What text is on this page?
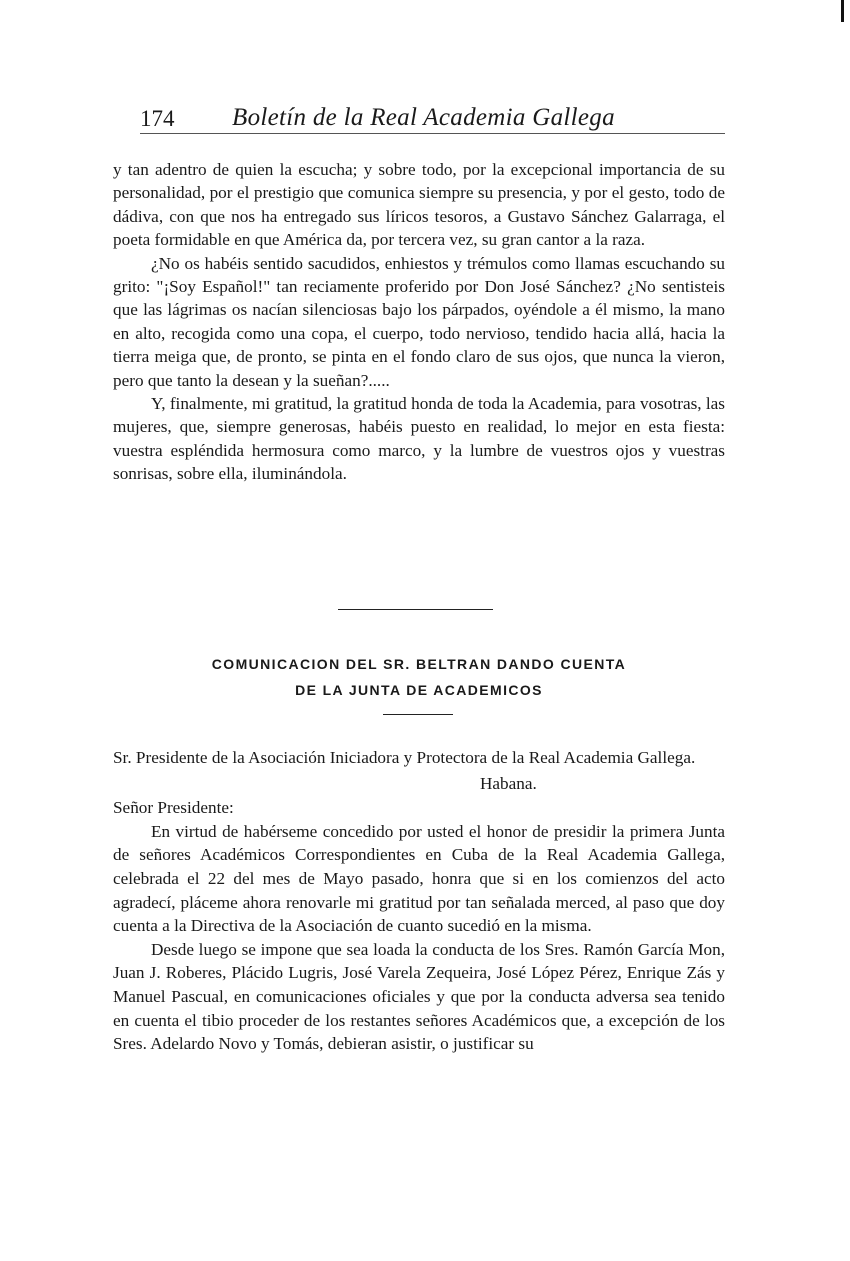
174 Boletín de la Real Academia Gallega

y tan adentro de quien la escucha; y sobre todo, por la excepcional importancia de su personalidad, por el prestigio que comunica siempre su presencia, y por el gesto, todo de dádiva, con que nos ha entregado sus líricos tesoros, a Gustavo Sánchez Galarraga, el poeta formidable en que América da, por tercera vez, su gran cantor a la raza.

¿No os habéis sentido sacudidos, enhiestos y trémulos como llamas escuchando su grito: "¡Soy Español!" tan reciamente proferido por Don José Sánchez? ¿No sentisteis que las lágrimas os nacían silenciosas bajo los párpados, oyéndole a él mismo, la mano en alto, recogida como una copa, el cuerpo, todo nervioso, tendido hacia allá, hacia la tierra meiga que, de pronto, se pinta en el fondo claro de sus ojos, que nunca la vieron, pero que tanto la desean y la sueñan?.....

Y, finalmente, mi gratitud, la gratitud honda de toda la Academia, para vosotras, las mujeres, que, siempre generosas, habéis puesto en realidad, lo mejor en esta fiesta: vuestra espléndida hermosura como marco, y la lumbre de vuestros ojos y vuestras sonrisas, sobre ella, iluminándola.

COMUNICACION DEL SR. BELTRAN DANDO CUENTA
DE LA JUNTA DE ACADEMICOS

Sr. Presidente de la Asociación Iniciadora y Protectora de la Real Academia Gallega.

Habana.

Señor Presidente:

En virtud de habérseme concedido por usted el honor de presidir la primera Junta de señores Académicos Correspondientes en Cuba de la Real Academia Gallega, celebrada el 22 del mes de Mayo pasado, honra que si en los comienzos del acto agradecí, pláceme ahora renovarle mi gratitud por tan señalada merced, al paso que doy cuenta a la Directiva de la Asociación de cuanto sucedió en la misma.

Desde luego se impone que sea loada la conducta de los Sres. Ramón García Mon, Juan J. Roberes, Plácido Lugris, José Varela Zequeira, José López Pérez, Enrique Zás y Manuel Pascual, en comunicaciones oficiales y que por la conducta adversa sea tenido en cuenta el tibio proceder de los restantes señores Académicos que, a excepción de los Sres. Adelardo Novo y Tomás, debieran asistir, o justificar su
